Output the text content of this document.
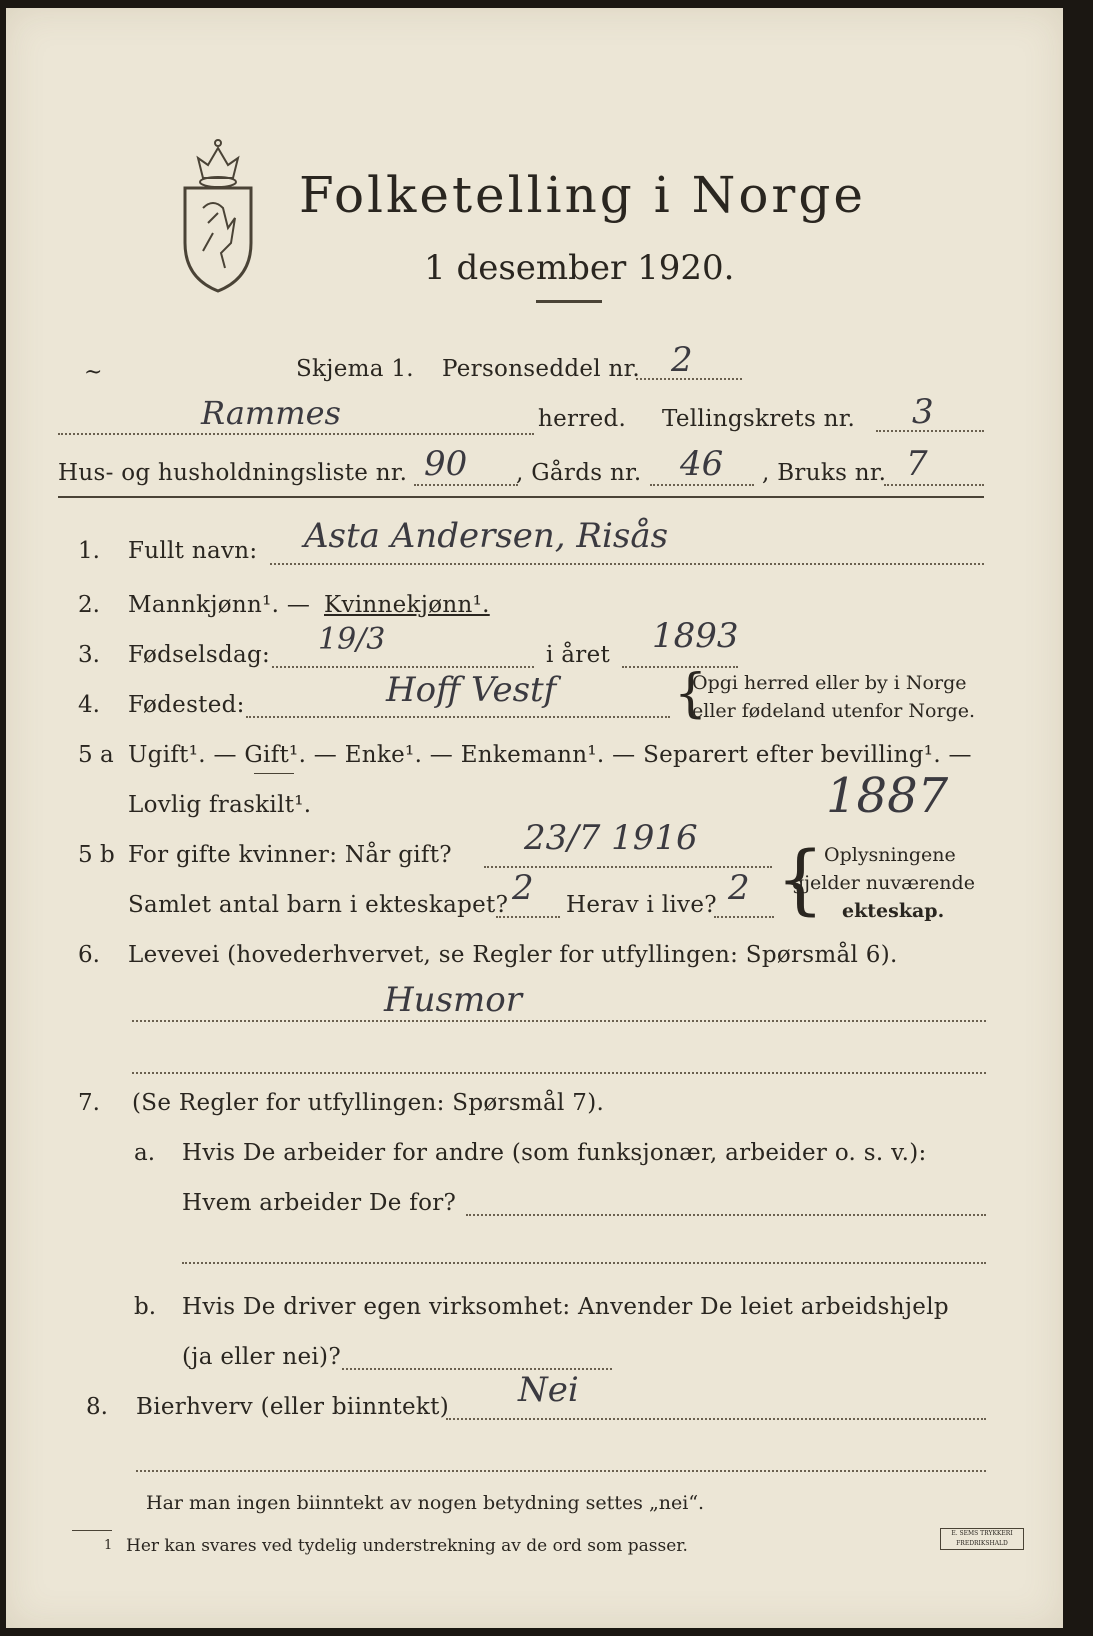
Folketelling i Norge
1 desember 1920.
~	Skjema 1. Personseddel nr. 2
Rammes	herred. Tellingskrets nr. 3
Hus- og husholdningsliste nr. 90 , Gårds nr. 46 , Bruks nr. 7
1. Fullt navn: Asta Andersen, Risås
2. Mannkjønn¹. — Kvinnekjønn¹.
3. Fødselsdag: 19/3	i året 1893
4. Fødested:	Hoff Vestf {
Opgi herred eller by i Norge
eller fødeland utenfor Norge.
5 a Ugift¹. — Gift¹. — Enke¹. — Enkemann¹. — Separert efter bevilling¹. —
Lovlig fraskilt¹.	1887
5 b For gifte kvinner: Når gift? 23/7 1916
Samlet antal barn i ekteskapet? 2 Herav i live? 2 { Oplysningene
gjelder nuværende
ekteskap.
6. Levevei (hovederhvervet, se Regler for utfyllingen: Spørsmål 6).
Husmor
7. (Se Regler for utfyllingen: Spørsmål 7).
a. Hvis De arbeider for andre (som funksjonær, arbeider o. s. v.):
Hvem arbeider De for?
b. Hvis De driver egen virksomhet: Anvender De leiet arbeidshjelp
(ja eller nei)?
8. Bierhverv (eller biinntekt) Nei
Har man ingen biinntekt av nogen betydning settes „nei“.
1 Her kan svares ved tydelig understrekning av de ord som passer.
E. SEMS TRYKKERI FREDRIKSHALD
